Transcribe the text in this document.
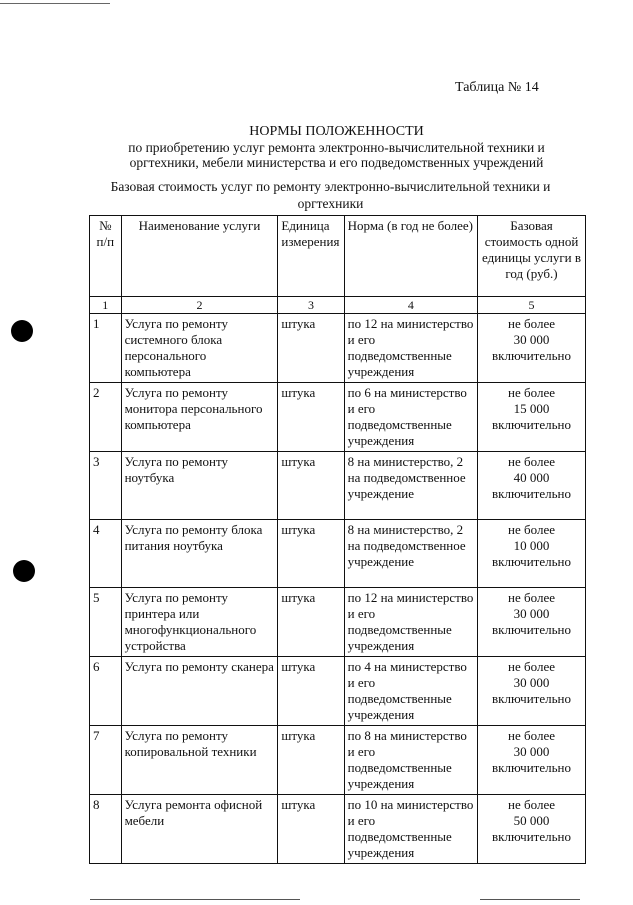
Таблица № 14
НОРМЫ ПОЛОЖЕННОСТИ
по приобретению услуг ремонта электронно-вычислительной техники и
оргтехники, мебели министерства и его подведомственных учреждений
Базовая стоимость услуг по ремонту электронно-вычислительной техники и
оргтехники
№ п/п	Наименование услуги	Единица измерения	Норма (в год не более)	Базовая стоимость одной единицы услуги в год (руб.)
1	2	3	4	5
1	Услуга по ремонту системного блока персонального компьютера	штука	по 12 на министерство и его подведомственные учреждения	не более
30 000
включительно

2	Услуга по ремонту монитора персонального компьютера	штука	по 6 на министерство и его подведомственные учреждения	не более
15 000
включительно

3	Услуга по ремонту ноутбука	штука	8 на министерство, 2 на подведомственное учреждение	не более
40 000
включительно

4	Услуга по ремонту блока питания ноутбука	штука	8 на министерство, 2 на подведомственное учреждение	не более
10 000
включительно

5	Услуга по ремонту принтера или многофункционального устройства	штука	по 12 на министерство и его подведомственные учреждения	не более
30 000
включительно

6	Услуга по ремонту сканера	штука	по 4 на министерство и его подведомственные учреждения	не более
30 000
включительно

7	Услуга по ремонту копировальной техники	штука	по 8 на министерство и его подведомственные учреждения	не более
30 000
включительно

8	Услуга ремонта офисной мебели	штука	по 10 на министерство и его подведомственные учреждения	не более
50 000
включительно
